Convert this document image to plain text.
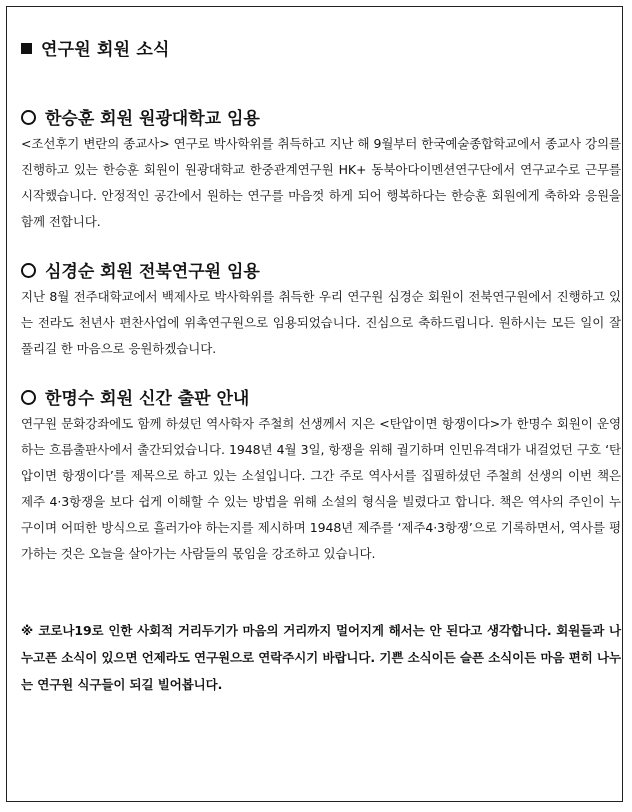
연구원 회원 소식
한승훈 회원 원광대학교 임용

<조선후기 변란의 종교사> 연구로 박사학위를 취득하고 지난 해 9월부터 한국예술종합학교에서 종교사 강의를 진행하고 있는 한승훈 회원이 원광대학교 한중관계연구원 HK+ 동북아다이멘션연구단에서 연구교수로 근무를 시작했습니다. 안정적인 공간에서 원하는 연구를 마음껏 하게 되어 행복하다는 한승훈 회원에게 축하와 응원을 함께 전합니다.

심경순 회원 전북연구원 임용

지난 8월 전주대학교에서 백제사로 박사학위를 취득한 우리 연구원 심경순 회원이 전북연구원에서 진행하고 있는 전라도 천년사 편찬사업에 위촉연구원으로 임용되었습니다. 진심으로 축하드립니다. 원하시는 모든 일이 잘 풀리길 한 마음으로 응원하겠습니다.

한명수 회원 신간 출판 안내

연구원 문화강좌에도 함께 하셨던 역사학자 주철희 선생께서 지은 <탄압이면 항쟁이다>가 한명수 회원이 운영하는 흐름출판사에서 출간되었습니다. 1948년 4월 3일, 항쟁을 위해 궐기하며 인민유격대가 내걸었던 구호 ‘탄압이면 항쟁이다’를 제목으로 하고 있는 소설입니다. 그간 주로 역사서를 집필하셨던 주철희 선생의 이번 책은 제주 4·3항쟁을 보다 쉽게 이해할 수 있는 방법을 위해 소설의 형식을 빌렸다고 합니다. 책은 역사의 주인이 누구이며 어떠한 방식으로 흘러가야 하는지를 제시하며 1948년 제주를 ‘제주4·3항쟁’으로 기록하면서, 역사를 평가하는 것은 오늘을 살아가는 사람들의 몫임을 강조하고 있습니다.

※ 코로나19로 인한 사회적 거리두기가 마음의 거리까지 멀어지게 해서는 안 된다고 생각합니다. 회원들과 나누고픈 소식이 있으면 언제라도 연구원으로 연락주시기 바랍니다. 기쁜 소식이든 슬픈 소식이든 마음 편히 나누는 연구원 식구들이 되길 빌어봅니다.
